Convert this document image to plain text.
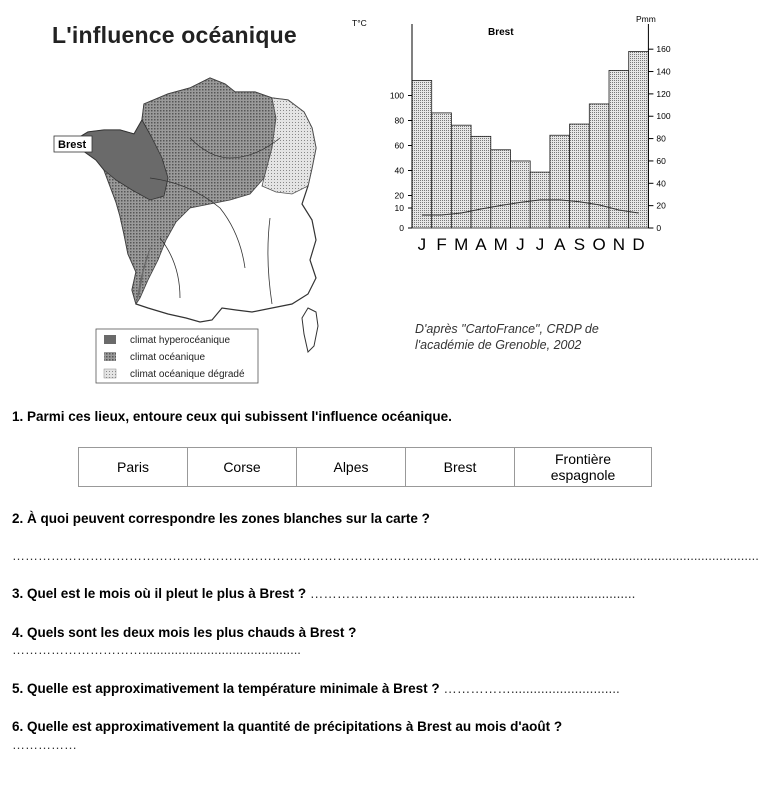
L'influence océanique
Brest
climat hyperocéanique
climat océanique
climat océanique dégradé
Brest
T°C	Pmm
0
10
20
40
60
80
100
0
20
40
60
80
100
120
140
160
J F M A M J J A S O N D
D'après "CartoFrance", CRDP de
l'académie de Grenoble, 2002
1. Parmi ces lieux, entoure ceux qui subissent l'influence océanique.
Paris	Corse	Alpes	Brest	Frontière espagnole
2. À quoi peuvent correspondre les zones blanches sur la carte ?
……………………………………………………………………………………………………......................................................................
3. Quel est le mois où il pleut le plus à Brest ? ……………………..........................................................
4. Quels sont les deux mois les plus chauds à Brest ?
…………………………............................................
5. Quelle est approximativement la température minimale à Brest ? …………….............................
6. Quelle est approximativement la quantité de précipitations à Brest au mois d'août ?
……………
